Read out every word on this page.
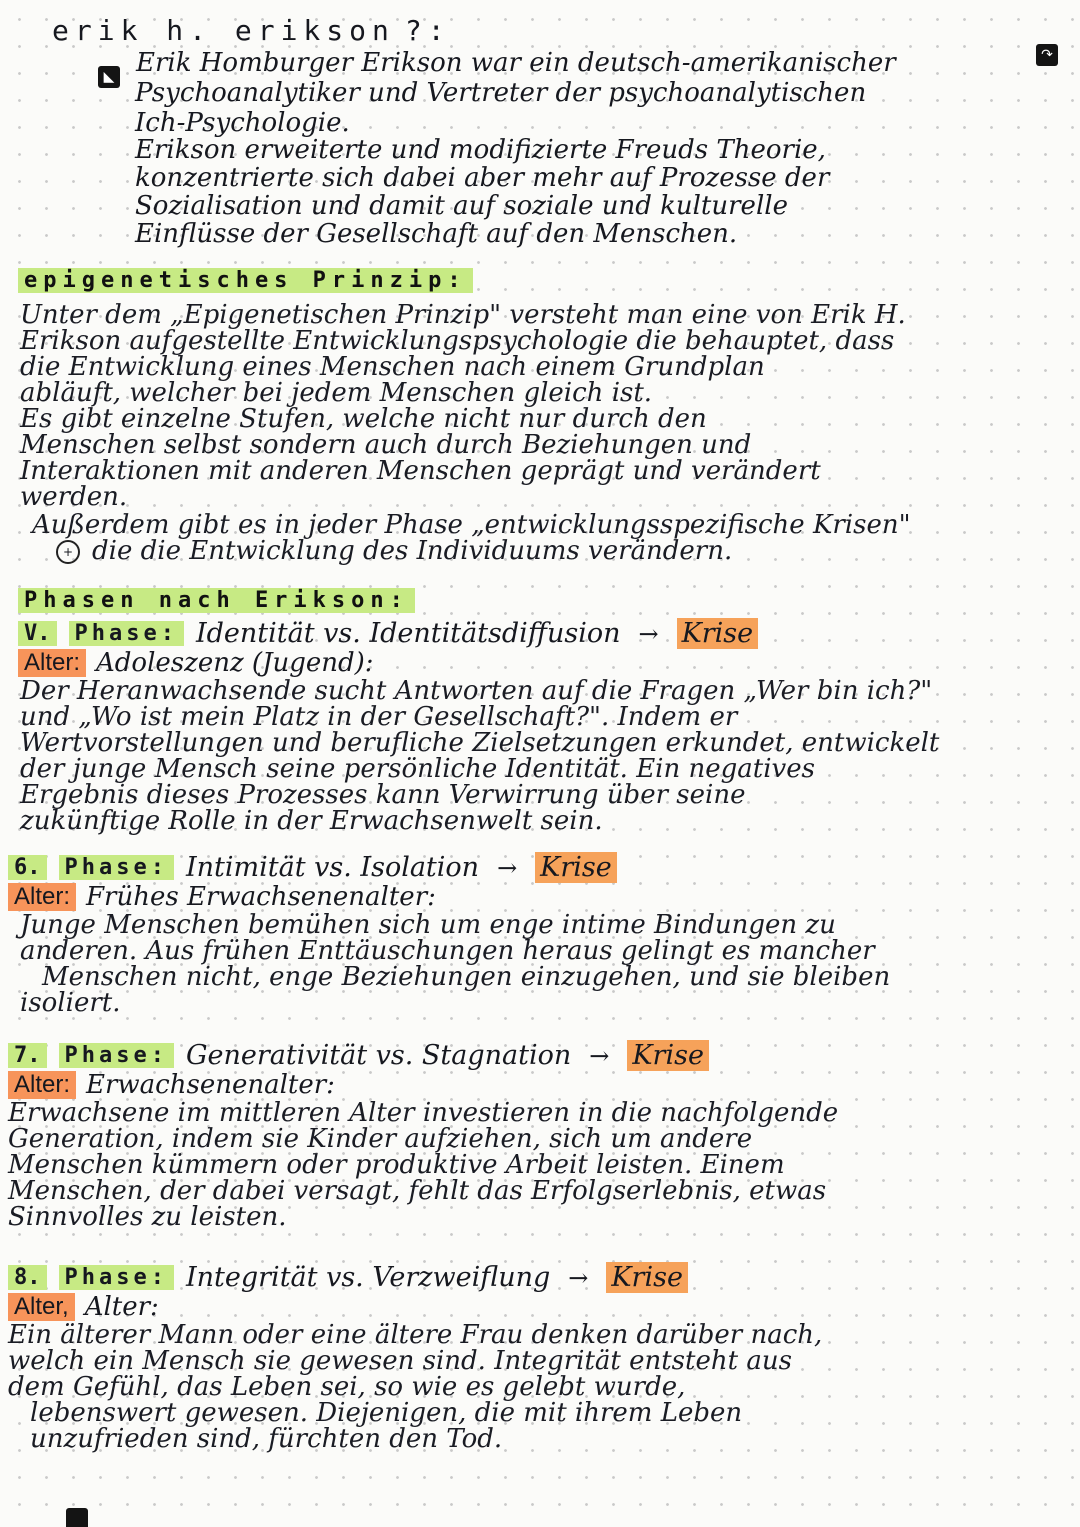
erik h. erikson ?:
◣
↷
Erik Homburger Erikson war ein deutsch-amerikanischer
Psychoanalytiker und Vertreter der psychoanalytischen
Ich-Psychologie.
Erikson erweiterte und modifizierte Freuds Theorie,
konzentrierte sich dabei aber mehr auf Prozesse der
Sozialisation und damit auf soziale und kulturelle
Einflüsse der Gesellschaft auf den Menschen.
epigenetisches Prinzip:
Unter dem „Epigenetischen Prinzip" versteht man eine von Erik H.
Erikson aufgestellte Entwicklungspsychologie die behauptet, dass
die Entwicklung eines Menschen nach einem Grundplan
abläuft, welcher bei jedem Menschen gleich ist.
Es gibt einzelne Stufen, welche nicht nur durch den
Menschen selbst sondern auch durch Beziehungen und
Interaktionen mit anderen Menschen geprägt und verändert
werden.
Außerdem gibt es in jeder Phase „entwicklungsspezifische Krisen"
+ die die Entwicklung des Individuums verändern.
Phasen nach Erikson:
V. Phase: Identität vs. Identitätsdiffusion → Krise
Alter: Adoleszenz (Jugend):
Der Heranwachsende sucht Antworten auf die Fragen „Wer bin ich?"
und „Wo ist mein Platz in der Gesellschaft?". Indem er
Wertvorstellungen und berufliche Zielsetzungen erkundet, entwickelt
der junge Mensch seine persönliche Identität. Ein negatives
Ergebnis dieses Prozesses kann Verwirrung über seine
zukünftige Rolle in der Erwachsenwelt sein.
6. Phase: Intimität vs. Isolation → Krise
Alter: Frühes Erwachsenenalter:
Junge Menschen bemühen sich um enge intime Bindungen zu
anderen. Aus frühen Enttäuschungen heraus gelingt es mancher
Menschen nicht, enge Beziehungen einzugehen, und sie bleiben
isoliert.
7. Phase: Generativität vs. Stagnation → Krise
Alter: Erwachsenenalter:
Erwachsene im mittleren Alter investieren in die nachfolgende
Generation, indem sie Kinder aufziehen, sich um andere
Menschen kümmern oder produktive Arbeit leisten. Einem
Menschen, der dabei versagt, fehlt das Erfolgserlebnis, etwas
Sinnvolles zu leisten.
8. Phase: Integrität vs. Verzweiflung → Krise
Alter, Alter:
Ein älterer Mann oder eine ältere Frau denken darüber nach,
welch ein Mensch sie gewesen sind. Integrität entsteht aus
dem Gefühl, das Leben sei, so wie es gelebt wurde,
lebenswert gewesen. Diejenigen, die mit ihrem Leben
unzufrieden sind, fürchten den Tod.
